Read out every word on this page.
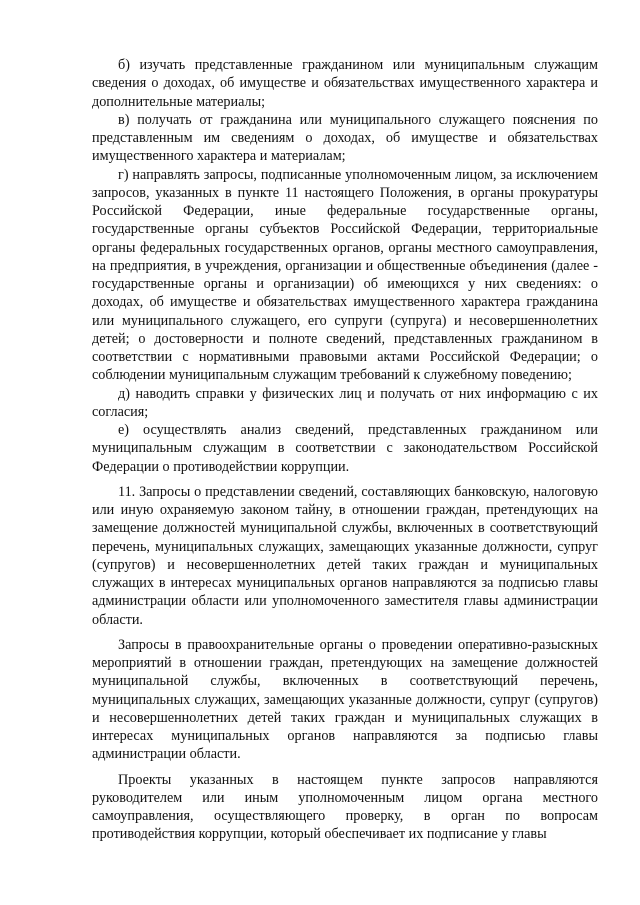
б) изучать представленные гражданином или муниципальным служащим сведения о доходах, об имуществе и обязательствах имущественного характера и дополнительные материалы;

в) получать от гражданина или муниципального служащего пояснения по представленным им сведениям о доходах, об имуществе и обязательствах имущественного характера и материалам;

г) направлять запросы, подписанные уполномоченным лицом, за исключением запросов, указанных в пункте 11 настоящего Положения, в органы прокуратуры Российской Федерации, иные федеральные государственные органы, государственные органы субъектов Российской Федерации, территориальные органы федеральных государственных органов, органы местного самоуправления, на предприятия, в учреждения, организации и общественные объединения (далее - государственные органы и организации) об имеющихся у них сведениях: о доходах, об имуществе и обязательствах имущественного характера гражданина или муниципального служащего, его супруги (супруга) и несовершеннолетних детей; о достоверности и полноте сведений, представленных гражданином в соответствии с нормативными правовыми актами Российской Федерации; о соблюдении муниципальным служащим требований к служебному поведению;

д) наводить справки у физических лиц и получать от них информацию с их согласия;

е) осуществлять анализ сведений, представленных гражданином или муниципальным служащим в соответствии с законодательством Российской Федерации о противодействии коррупции.

11. Запросы о представлении сведений, составляющих банковскую, налоговую или иную охраняемую законом тайну, в отношении граждан, претендующих на замещение должностей муниципальной службы, включенных в соответствующий перечень, муниципальных служащих, замещающих указанные должности, супруг (супругов) и несовершеннолетних детей таких граждан и муниципальных служащих в интересах муниципальных органов направляются за подписью главы администрации области или уполномоченного заместителя главы администрации области.

Запросы в правоохранительные органы о проведении оперативно-разыскных мероприятий в отношении граждан, претендующих на замещение должностей муниципальной службы, включенных в соответствующий перечень, муниципальных служащих, замещающих указанные должности, супруг (супругов) и несовершеннолетних детей таких граждан и муниципальных служащих в интересах муниципальных органов направляются за подписью главы администрации области.

Проекты указанных в настоящем пункте запросов направляются руководителем или иным уполномоченным лицом органа местного самоуправления, осуществляющего проверку, в орган по вопросам противодействия коррупции, который обеспечивает их подписание у главы
